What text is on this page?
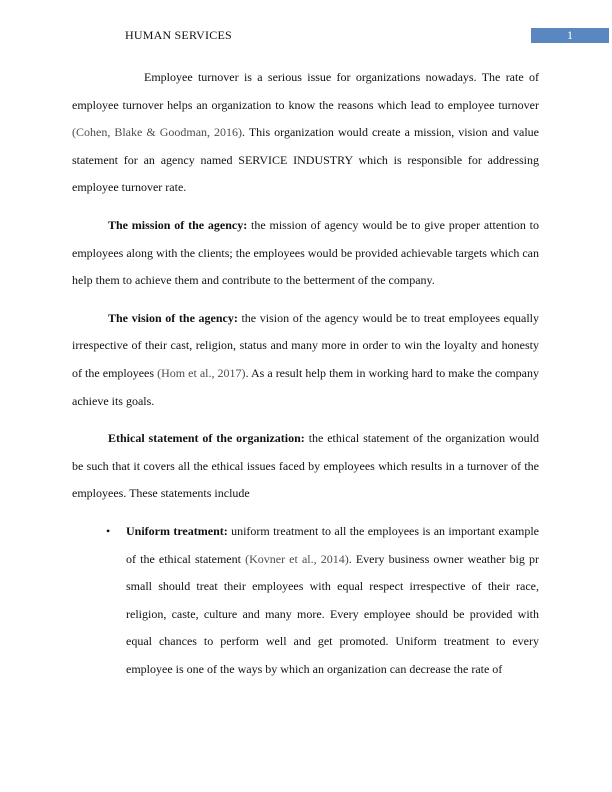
HUMAN SERVICES	1

Employee turnover is a serious issue for organizations nowadays. The rate of employee turnover helps an organization to know the reasons which lead to employee turnover (Cohen, Blake & Goodman, 2016). This organization would create a mission, vision and value statement for an agency named SERVICE INDUSTRY which is responsible for addressing employee turnover rate.

The mission of the agency: the mission of agency would be to give proper attention to employees along with the clients; the employees would be provided achievable targets which can help them to achieve them and contribute to the betterment of the company.

The vision of the agency: the vision of the agency would be to treat employees equally irrespective of their cast, religion, status and many more in order to win the loyalty and honesty of the employees (Hom et al., 2017). As a result help them in working hard to make the company achieve its goals.

Ethical statement of the organization: the ethical statement of the organization would be such that it covers all the ethical issues faced by employees which results in a turnover of the employees. These statements include

• Uniform treatment: uniform treatment to all the employees is an important example of the ethical statement (Kovner et al., 2014). Every business owner weather big pr small should treat their employees with equal respect irrespective of their race, religion, caste, culture and many more. Every employee should be provided with equal chances to perform well and get promoted. Uniform treatment to every employee is one of the ways by which an organization can decrease the rate of
